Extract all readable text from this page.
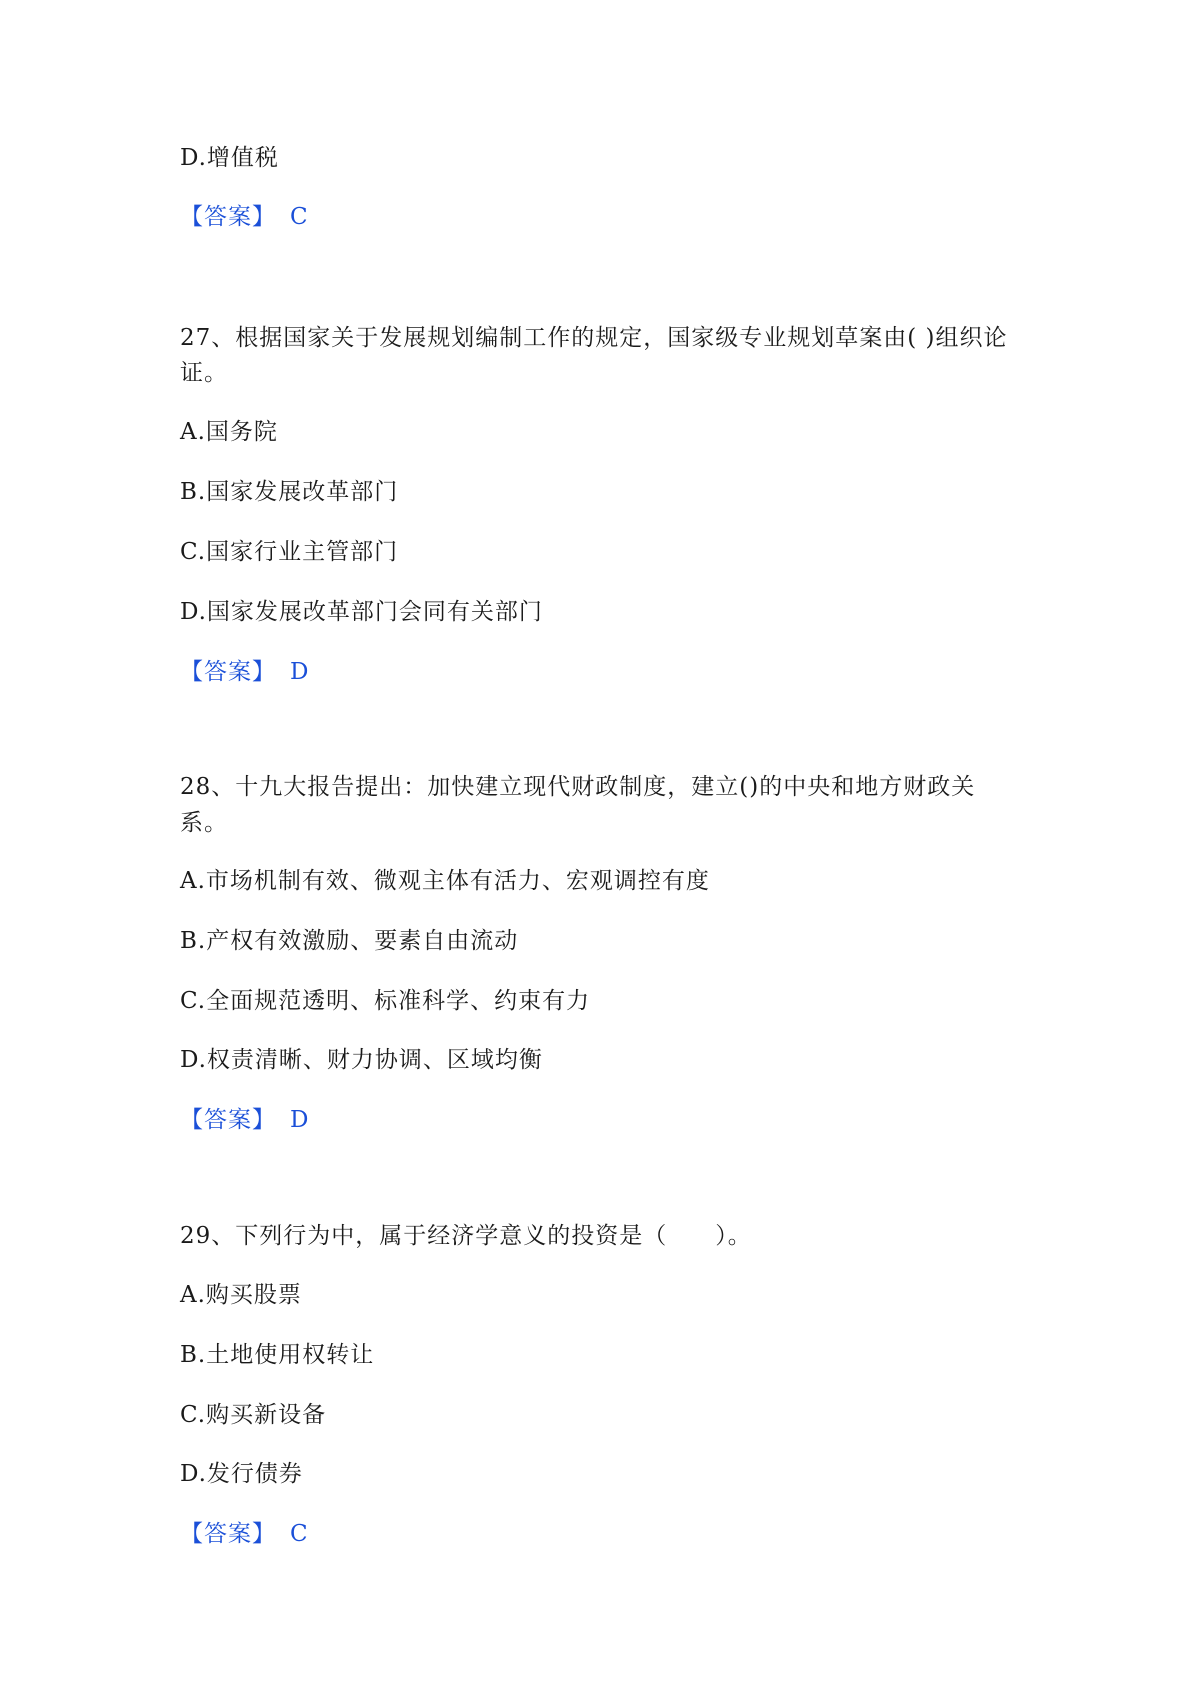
D.增值税
【答案】 C
27、根据国家关于发展规划编制工作的规定，国家级专业规划草案由( )组织论
证。
A.国务院
B.国家发展改革部门
C.国家行业主管部门
D.国家发展改革部门会同有关部门
【答案】 D
28、十九大报告提出：加快建立现代财政制度，建立()的中央和地方财政关
系。
A.市场机制有效、微观主体有活力、宏观调控有度
B.产权有效激励、要素自由流动
C.全面规范透明、标准科学、约束有力
D.权责清晰、财力协调、区域均衡
【答案】 D
29、下列行为中，属于经济学意义的投资是（　　）。
A.购买股票
B.土地使用权转让
C.购买新设备
D.发行债券
【答案】 C
